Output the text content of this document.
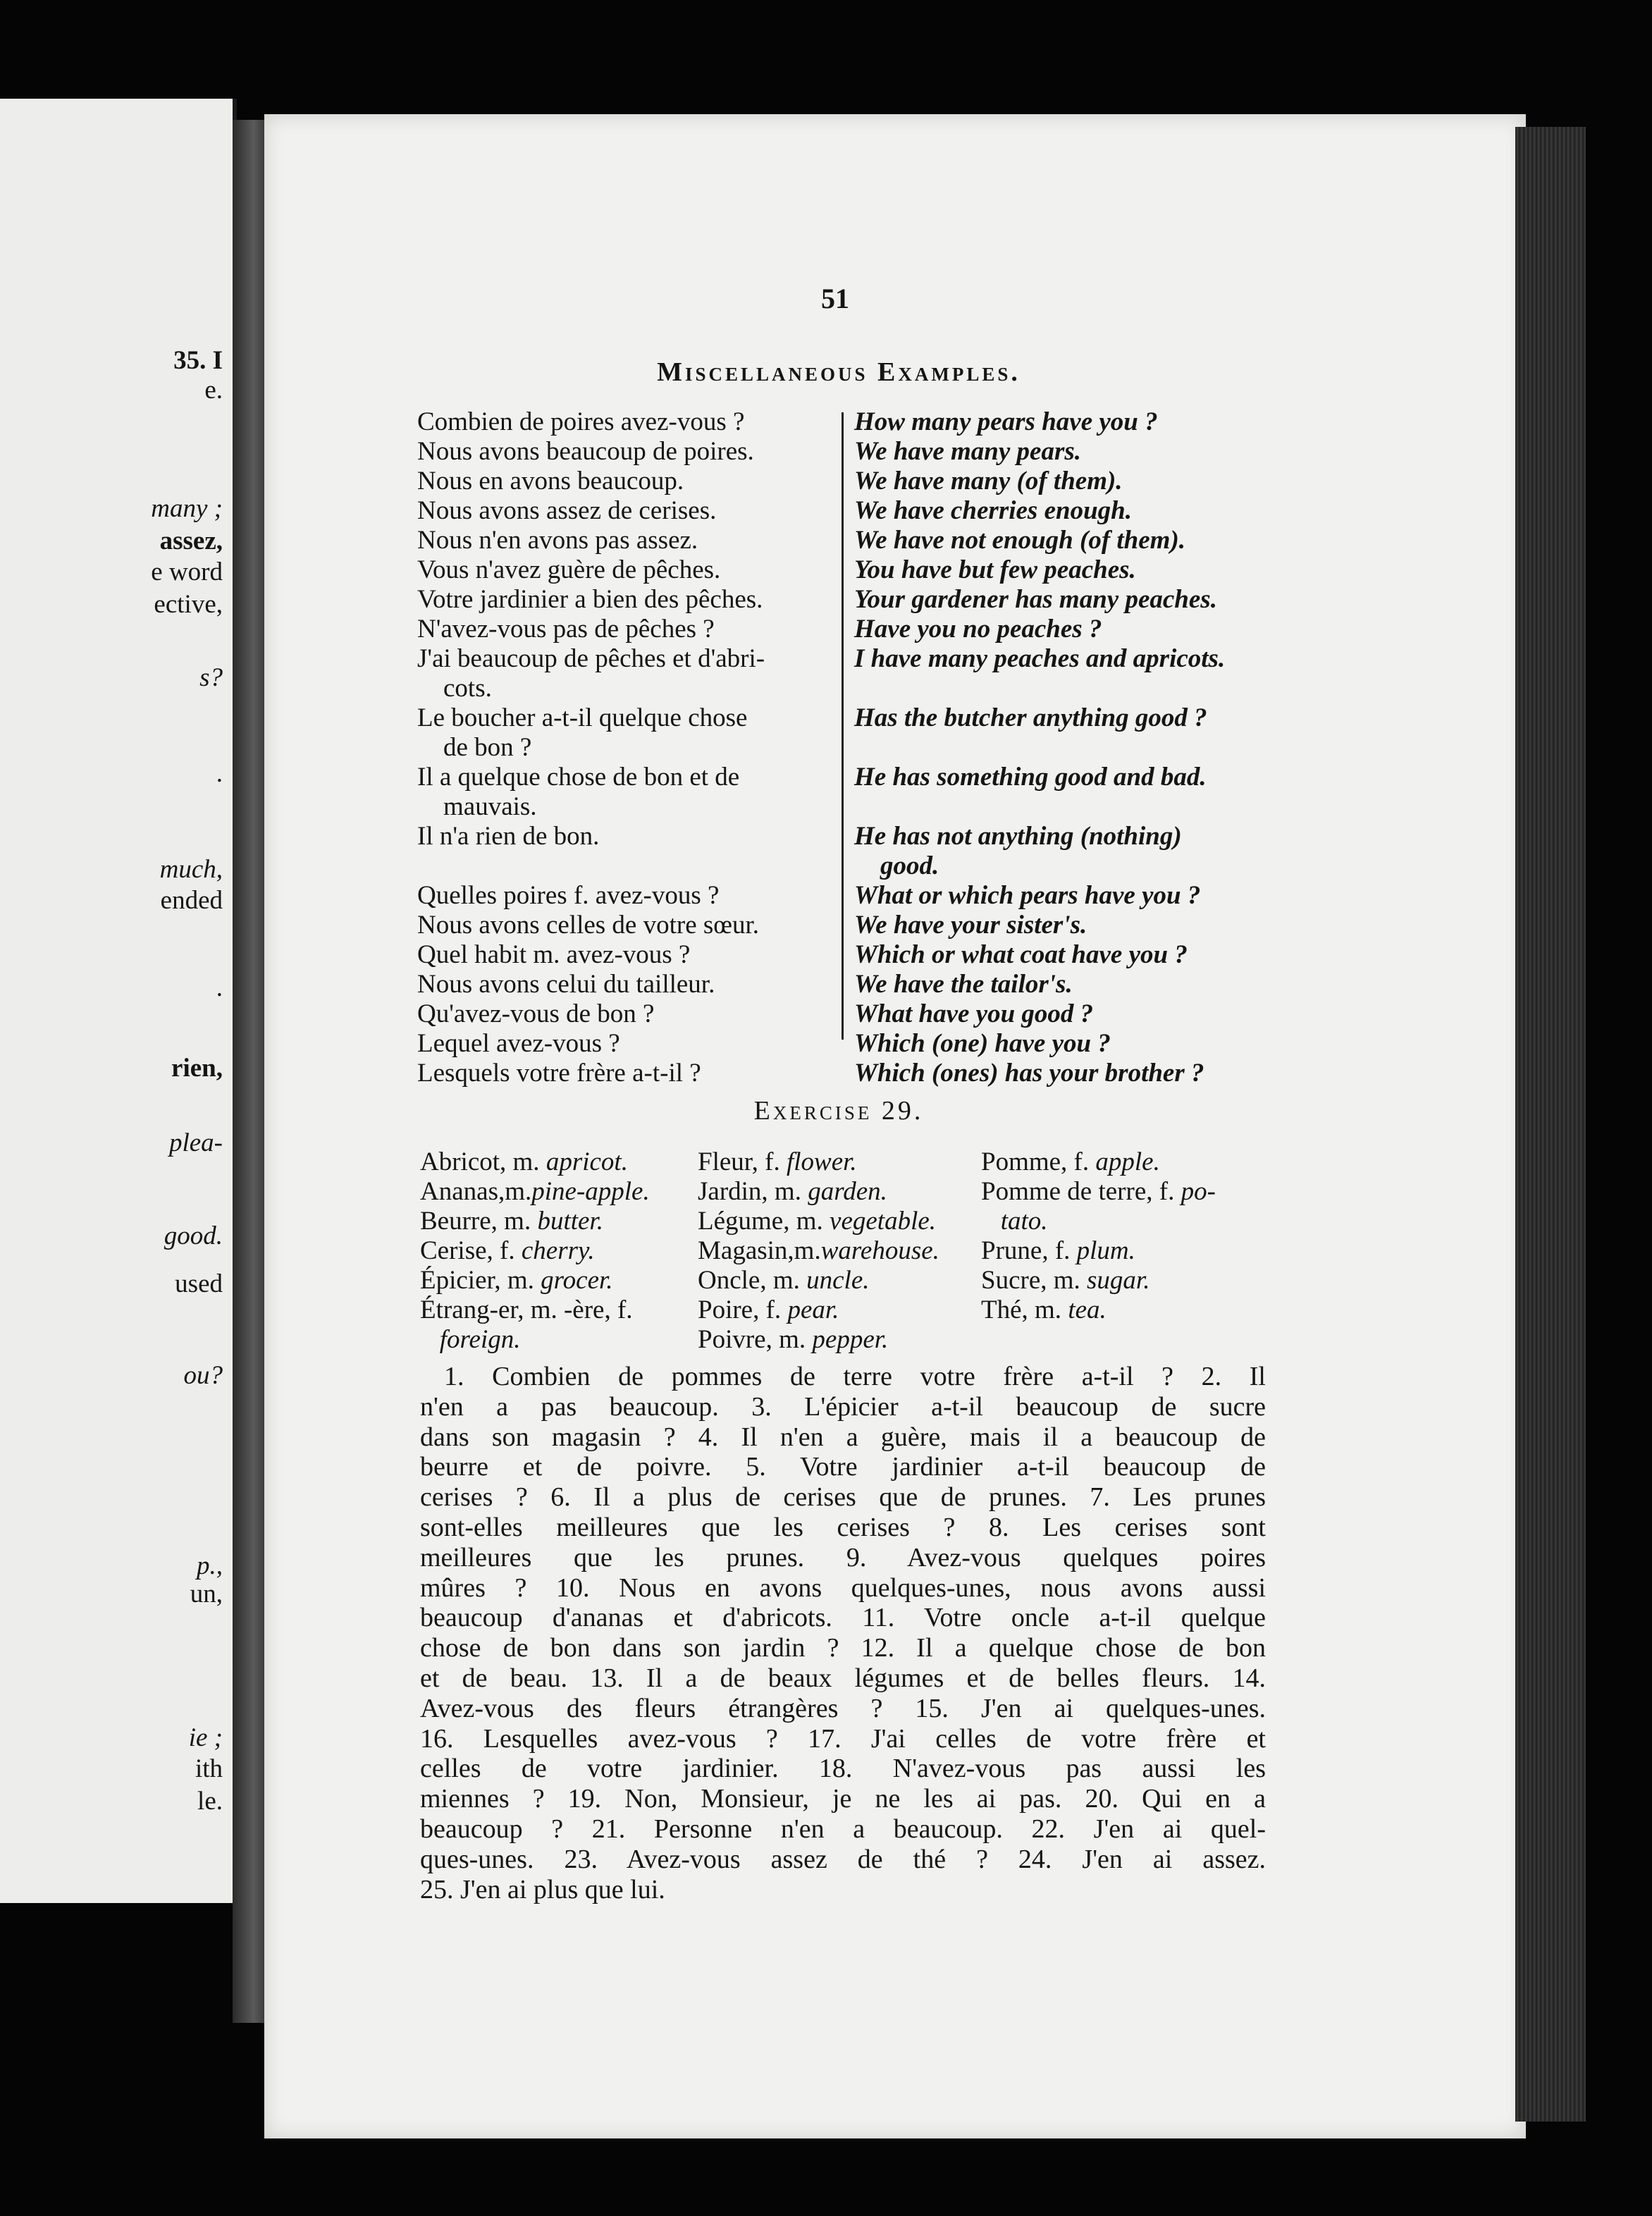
35. I
e.
many ;
assez,
e word
ective,
s?
.
much,
ended
.
rien,
plea-
good.
used
ou?
p.,
un,
ie ;
ith
le.
51
Miscellaneous Examples.
Combien de poires avez-vous ?
Nous avons beaucoup de poires.
Nous en avons beaucoup.
Nous avons assez de cerises.
Nous n'en avons pas assez.
Vous n'avez guère de pêches.
Votre jardinier a bien des pêches.
N'avez-vous pas de pêches ?
J'ai beaucoup de pêches et d'abri-
cots.
Le boucher a-t-il quelque chose
de bon ?
Il a quelque chose de bon et de
mauvais.
Il n'a rien de bon.

Quelles poires f. avez-vous ?
Nous avons celles de votre sœur.
Quel habit m. avez-vous ?
Nous avons celui du tailleur.
Qu'avez-vous de bon ?
Lequel avez-vous ?
Lesquels votre frère a-t-il ?
How many pears have you ?
We have many pears.
We have many (of them).
We have cherries enough.
We have not enough (of them).
You have but few peaches.
Your gardener has many peaches.
Have you no peaches ?
I have many peaches and apricots.

Has the butcher anything good ?

He has something good and bad.

He has not anything (nothing)
good.
What or which pears have you ?
We have your sister's.
Which or what coat have you ?
We have the tailor's.
What have you good ?
Which (one) have you ?
Which (ones) has your brother ?
Exercise 29.
Abricot, m. apricot.
Ananas,m.pine-apple.
Beurre, m. butter.
Cerise, f. cherry.
Épicier, m. grocer.
Étrang-er, m. -ère, f.
foreign.
Fleur, f. flower.
Jardin, m. garden.
Légume, m. vegetable.
Magasin,m.warehouse.
Oncle, m. uncle.
Poire, f. pear.
Poivre, m. pepper.
Pomme, f. apple.
Pomme de terre, f. po-
tato.
Prune, f. plum.
Sucre, m. sugar.
Thé, m. tea.
1. Combien de pommes de terre votre frère a-t-il ? 2. Il
n'en a pas beaucoup. 3. L'épicier a-t-il beaucoup de sucre
dans son magasin ? 4. Il n'en a guère, mais il a beaucoup de
beurre et de poivre. 5. Votre jardinier a-t-il beaucoup de
cerises ? 6. Il a plus de cerises que de prunes. 7. Les prunes
sont-elles meilleures que les cerises ? 8. Les cerises sont
meilleures que les prunes. 9. Avez-vous quelques poires
mûres ? 10. Nous en avons quelques-unes, nous avons aussi
beaucoup d'ananas et d'abricots. 11. Votre oncle a-t-il quelque
chose de bon dans son jardin ? 12. Il a quelque chose de bon
et de beau. 13. Il a de beaux légumes et de belles fleurs. 14.
Avez-vous des fleurs étrangères ? 15. J'en ai quelques-unes.
16. Lesquelles avez-vous ? 17. J'ai celles de votre frère et
celles de votre jardinier. 18. N'avez-vous pas aussi les
miennes ? 19. Non, Monsieur, je ne les ai pas. 20. Qui en a
beaucoup ? 21. Personne n'en a beaucoup. 22. J'en ai quel-
ques-unes. 23. Avez-vous assez de thé ? 24. J'en ai assez.
25. J'en ai plus que lui.
